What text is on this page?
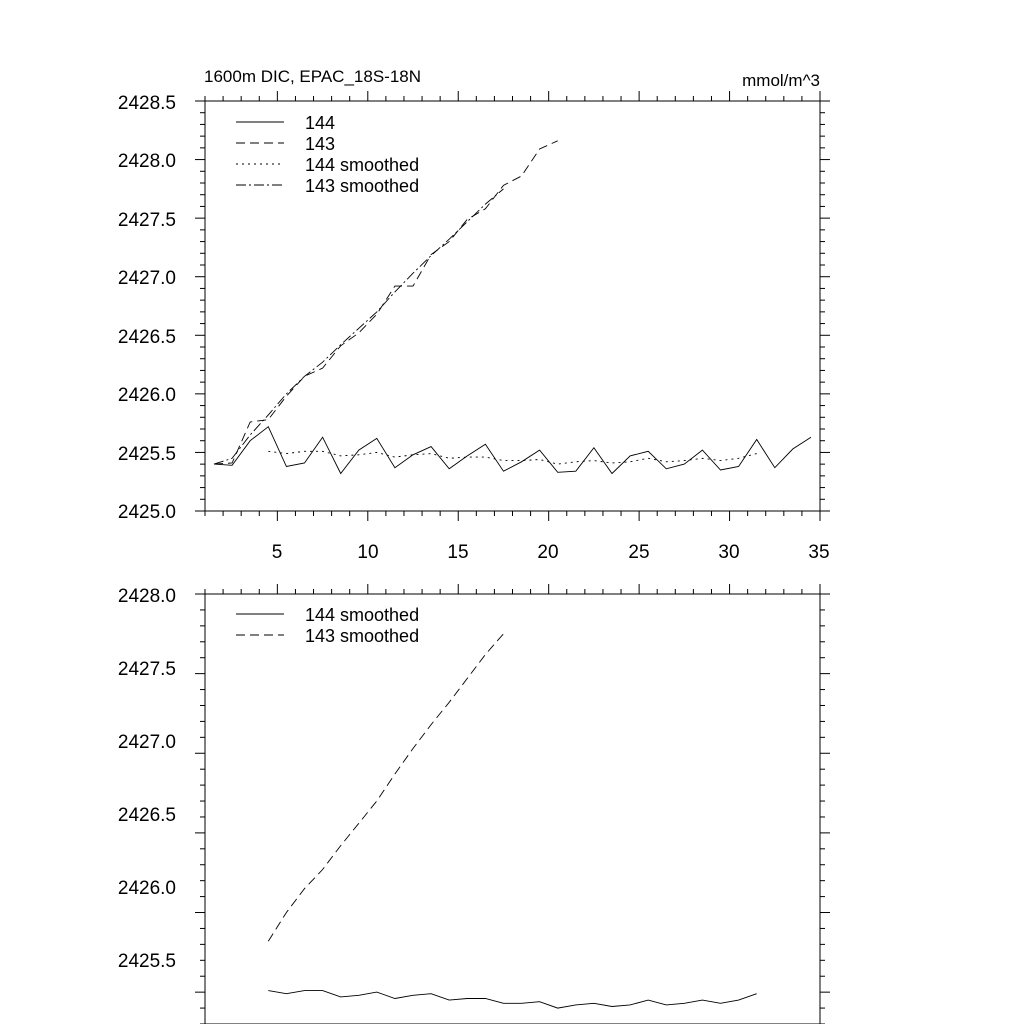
1600m DIC, EPAC_18S-18N	mmol/m^3
2425.0
2425.5
2426.0
2426.5
2427.0
2427.5
2428.0
2428.5
5	10	15	20	25	30	35
144
143
144 smoothed
143 smoothed
2425.5
2426.0
2426.5
2427.0
2427.5
2428.0
144 smoothed
143 smoothed
